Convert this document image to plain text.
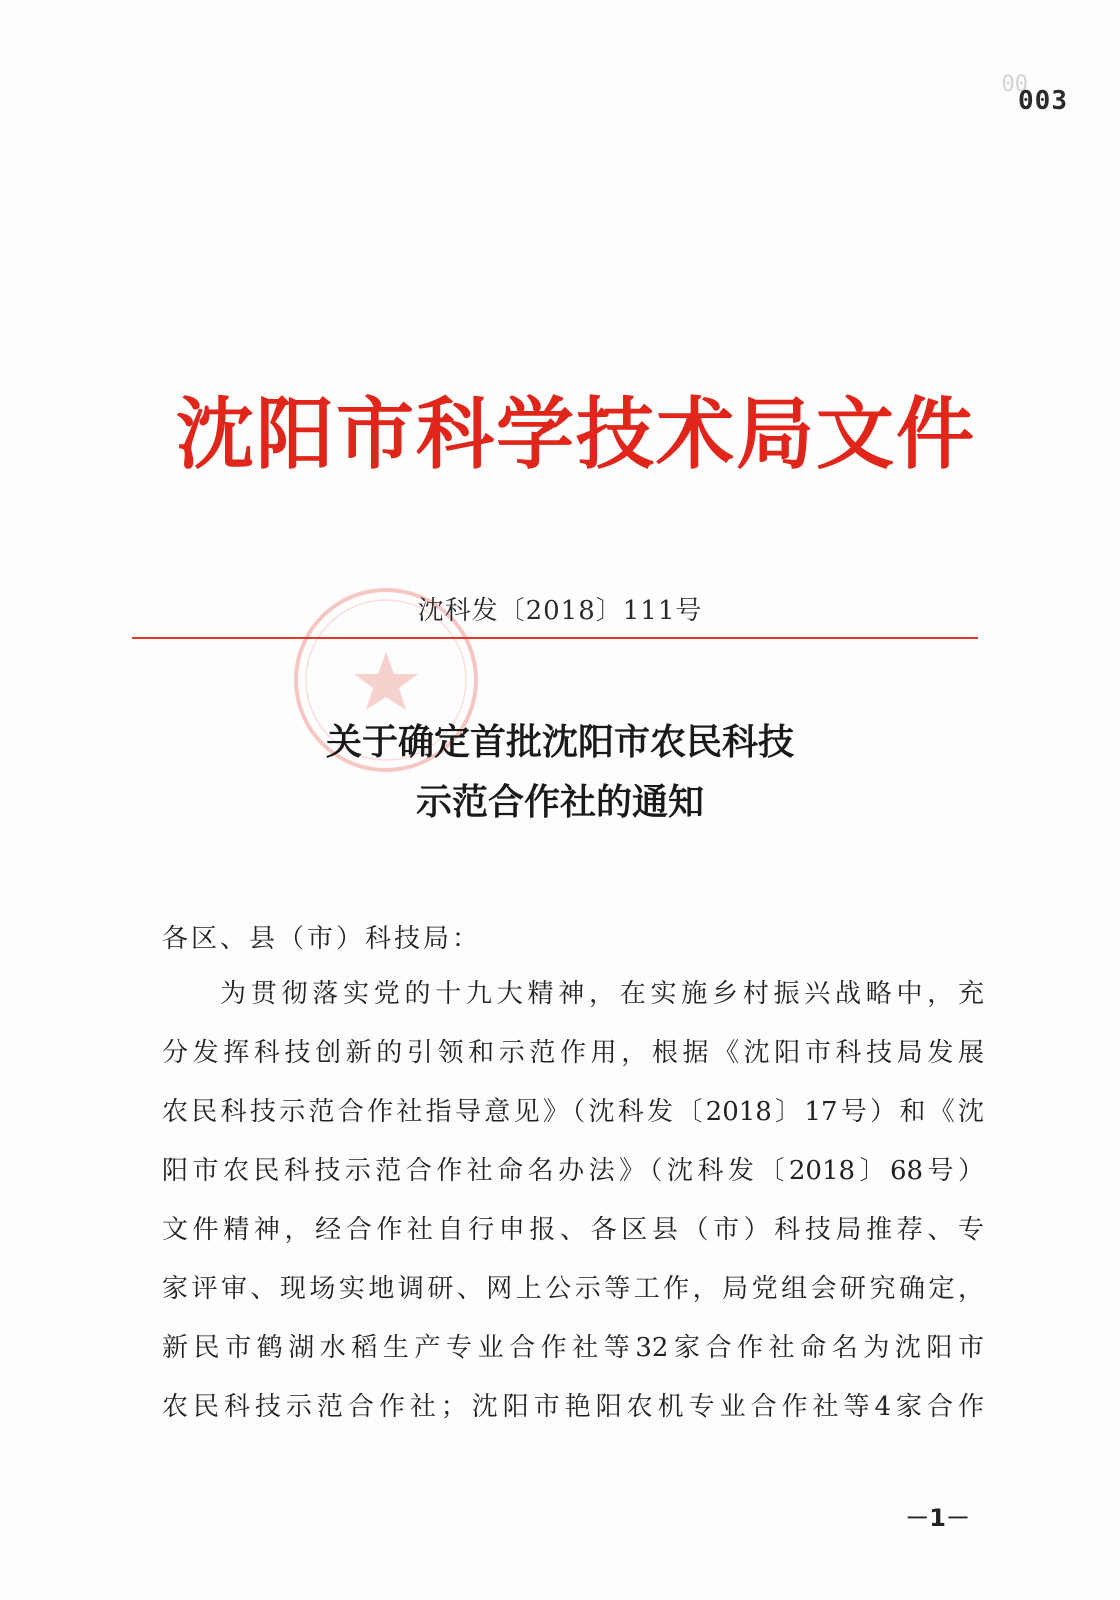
00
003
沈阳市科学技术局文件
沈科发〔2018〕111号
关于确定首批沈阳市农民科技
示范合作社的通知
各区、县（市）科技局：
为贯彻落实党的十九大精神，在实施乡村振兴战略中，充
分发挥科技创新的引领和示范作用，根据《沈阳市科技局发展
农民科技示范合作社指导意见》（沈科发〔2018〕17号）和《沈
阳市农民科技示范合作社命名办法》（沈科发〔2018〕68号）
文件精神，经合作社自行申报、各区县（市）科技局推荐、专
家评审、现场实地调研、网上公示等工作，局党组会研究确定，
新民市鹤湖水稻生产专业合作社等32家合作社命名为沈阳市
农民科技示范合作社；沈阳市艳阳农机专业合作社等4家合作
－1－
